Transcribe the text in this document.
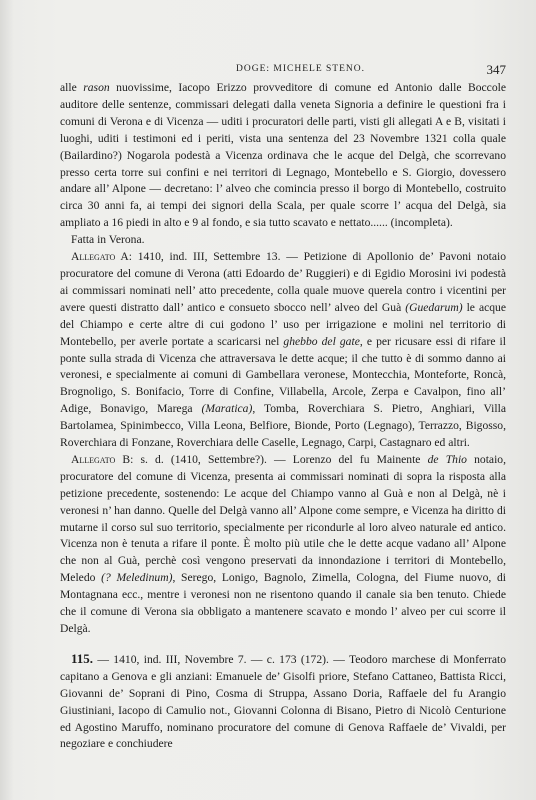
DOGE: MICHELE STENO.	347

alle rason nuovissime, Iacopo Erizzo provveditore di comune ed Antonio dalle Boccole auditore delle sentenze, commissari delegati dalla veneta Signoria a definire le questioni fra i comuni di Verona e di Vicenza — uditi i procuratori delle parti, visti gli allegati A e B, visitati i luoghi, uditi i testimoni ed i periti, vista una sentenza del 23 Novembre 1321 colla quale (Bailardino?) Nogarola podestà a Vicenza ordinava che le acque del Delgà, che scorrevano presso certa torre sui confini e nei territori di Legnago, Montebello e S. Giorgio, dovessero andare all’ Alpone — decretano: l’ alveo che comincia presso il borgo di Montebello, costruito circa 30 anni fa, ai tempi dei signori della Scala, per quale scorre l’ acqua del Delgà, sia ampliato a 16 piedi in alto e 9 al fondo, e sia tutto scavato e nettato...... (incompleta).

Fatta in Verona.

Allegato A: 1410, ind. III, Settembre 13. — Petizione di Apollonio de’ Pavoni notaio procuratore del comune di Verona (atti Edoardo de’ Ruggieri) e di Egidio Morosini ivi podestà ai commissari nominati nell’ atto precedente, colla quale muove querela contro i vicentini per avere questi distratto dall’ antico e consueto sbocco nell’ alveo del Guà (Guedarum) le acque del Chiampo e certe altre di cui godono l’ uso per irrigazione e molini nel territorio di Montebello, per averle portate a scaricarsi nel ghebbo del gate, e per ricusare essi di rifare il ponte sulla strada di Vicenza che attraversava le dette acque; il che tutto è di sommo danno ai veronesi, e specialmente ai comuni di Gambellara veronese, Montecchia, Monteforte, Roncà, Brognoligo, S. Bonifacio, Torre di Confine, Villabella, Arcole, Zerpa e Cavalpon, fino all’ Adige, Bonavigo, Marega (Maratica), Tomba, Roverchiara S. Pietro, Anghiari, Villa Bartolamea, Spinimbecco, Villa Leona, Belfiore, Bionde, Porto (Legnago), Terrazzo, Bigosso, Roverchiara di Fonzane, Roverchiara delle Caselle, Legnago, Carpi, Castagnaro ed altri.

Allegato B: s. d. (1410, Settembre?). — Lorenzo del fu Mainente de Thio notaio, procuratore del comune di Vicenza, presenta ai commissari nominati di sopra la risposta alla petizione precedente, sostenendo: Le acque del Chiampo vanno al Guà e non al Delgà, nè i veronesi n’ han danno. Quelle del Delgà vanno all’ Alpone come sempre, e Vicenza ha diritto di mutarne il corso sul suo territorio, specialmente per ricondurle al loro alveo naturale ed antico. Vicenza non è tenuta a rifare il ponte. È molto più utile che le dette acque vadano all’ Alpone che non al Guà, perchè così vengono preservati da innondazione i territori di Montebello, Meledo (? Meledinum), Serego, Lonigo, Bagnolo, Zimella, Cologna, del Fiume nuovo, di Montagnana ecc., mentre i veronesi non ne risentono quando il canale sia ben tenuto. Chiede che il comune di Verona sia obbligato a mantenere scavato e mondo l’ alveo per cui scorre il Delgà.

115. — 1410, ind. III, Novembre 7. — c. 173 (172). — Teodoro marchese di Monferrato capitano a Genova e gli anziani: Emanuele de’ Gisolfi priore, Stefano Cattaneo, Battista Ricci, Giovanni de’ Soprani di Pino, Cosma di Struppa, Assano Doria, Raffaele del fu Arangio Giustiniani, Iacopo di Camulio not., Giovanni Colonna di Bisano, Pietro di Nicolò Centurione ed Agostino Maruffo, nominano procuratore del comune di Genova Raffaele de’ Vivaldi, per negoziare e conchiudere
